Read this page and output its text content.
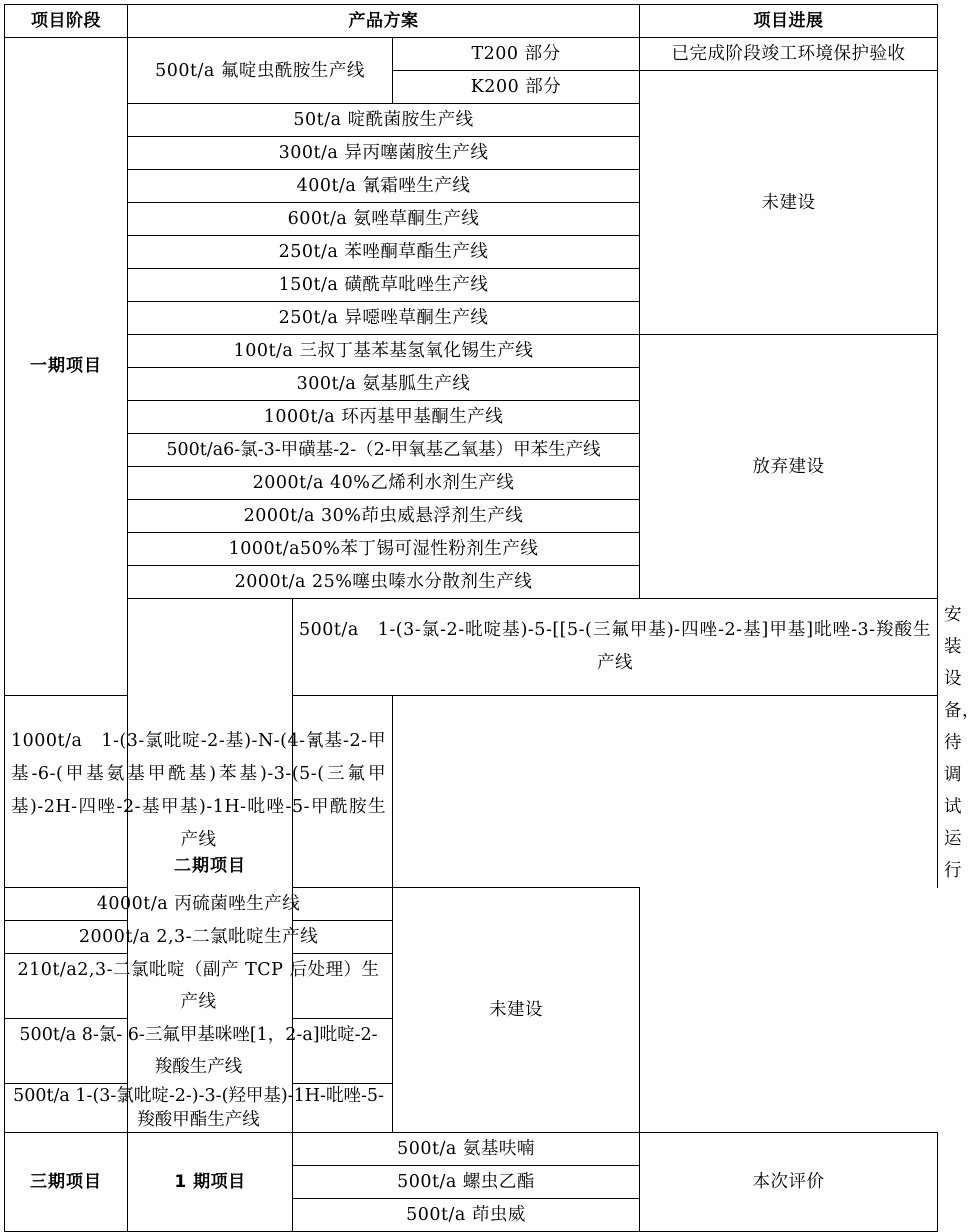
项目阶段	产品方案			项目进展	
一期项目	500t/a 氟啶虫酰胺生产线		T200 部分	已完成阶段竣工环境保护验收	
			K200 部分	未建设	
	50t/a 啶酰菌胺生产线				
	300t/a 异丙噻菌胺生产线				
	400t/a 氰霜唑生产线				
	600t/a 氨唑草酮生产线				
	250t/a 苯唑酮草酯生产线				
	150t/a 磺酰草吡唑生产线				
	250t/a 异噁唑草酮生产线				
	100t/a 三叔丁基苯基氢氧化锡生产线			放弃建设	
	300t/a 氨基胍生产线				
	1000t/a 环丙基甲基酮生产线				
	500t/a6-氯-3-甲磺基-2-（2-甲氧基乙氧基）甲苯生产线				
	2000t/a 40%乙烯利水剂生产线				
	2000t/a 30%茚虫威悬浮剂生产线				
	1000t/a50%苯丁锡可湿性粉剂生产线				
	2000t/a 25%噻虫嗪水分散剂生产线				
	二期项目	500t/a　1-(3-氯-2-吡啶基)-5-[[5-(三氟甲基)-四唑-2-基]甲基]吡唑-3-羧酸生产线			安装设备，待调试运行
1000t/a　1-(3-氯吡啶-2-基)-N-(4-氰基-2-甲基-6-(甲基氨基甲酰基)苯基)-3-(5-(三氟甲基)-2H-四唑-2-基甲基)-1H-吡唑-5-甲酰胺生产线					
4000t/a 丙硫菌唑生产线			未建设		
2000t/a 2,3-二氯吡啶生产线					
210t/a2,3-二氯吡啶（副产 TCP 后处理）生产线					
500t/a 8-氯- 6-三氟甲基咪唑[1，2-a]吡啶-2-羧酸生产线					
500t/a 1-(3-氯吡啶-2-)-3-(羟甲基)-1H-吡唑-5-羧酸甲酯生产线					
三期项目	1 期项目	500t/a 氨基呋喃		本次评价	
		500t/a 螺虫乙酯			
		500t/a 茚虫威			
